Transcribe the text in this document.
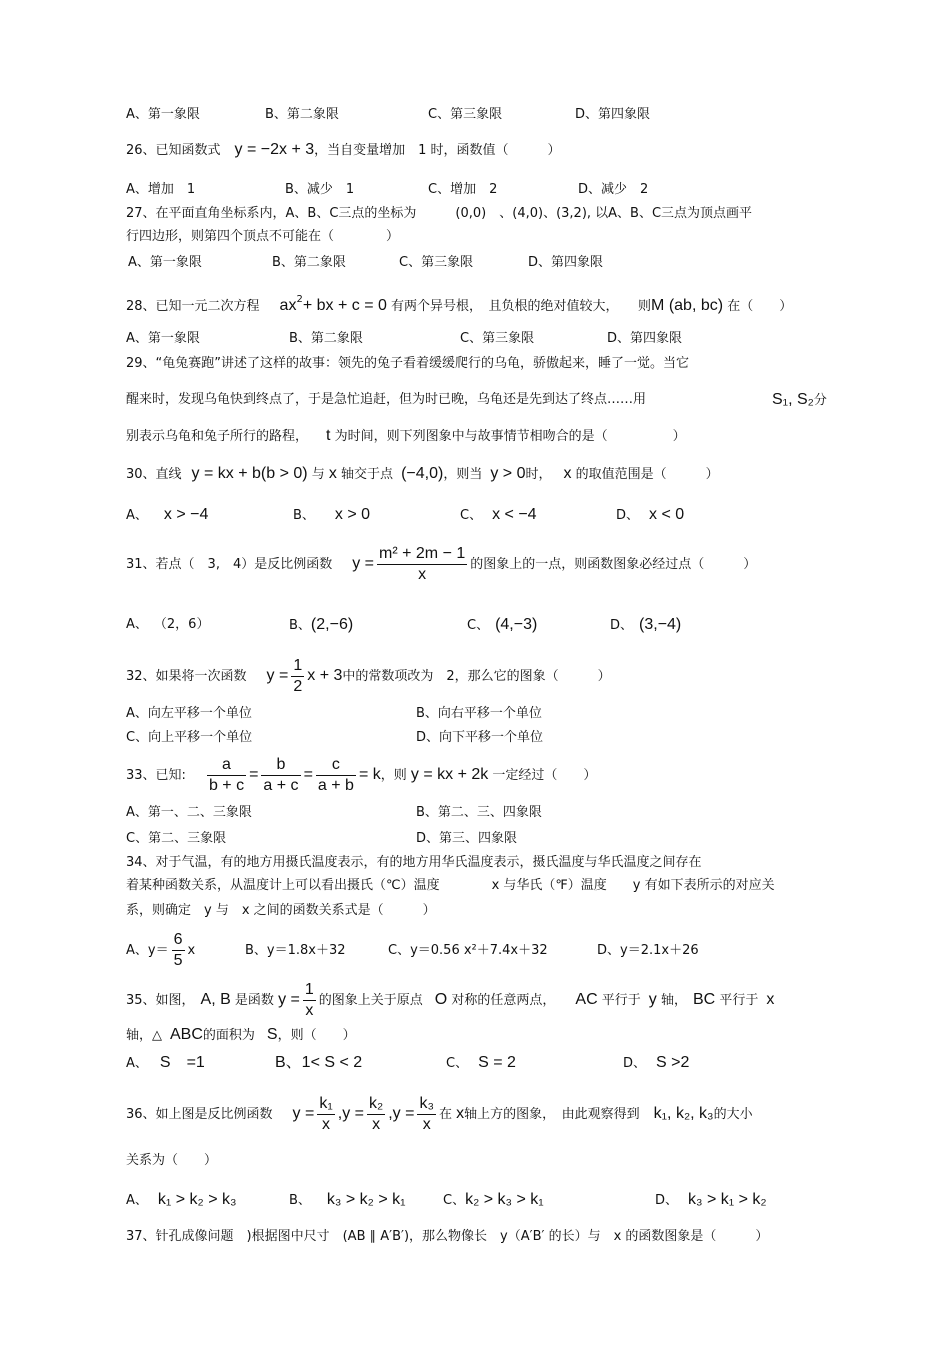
A、第一象限	B、第二象限	C、第三象限	D、第四象限
26、已知函数式 y = −2x + 3，当自变量增加　1 时，函数值（　　　）
A、增加　1	B、减少　1	C、增加　2	D、减少　2
27、在平面直角坐标系内，A、B、C三点的坐标为　　　(0,0)　、(4,0)、(3,2), 以A、B、C三点为顶点画平
行四边形，则第四个顶点不可能在（　　　　）
A、第一象限	B、第二象限	C、第三象限	D、第四象限
28、已知一元二次方程 $ax^2+$ bx + c = 0 有两个异号根，　且负根的绝对值较大，　　则M (ab, bc) 在（　　）
A、第一象限	B、第二象限	C、第三象限	D、第四象限
29、“龟兔赛跑”讲述了这样的故事：领先的兔子看着缓缓爬行的乌龟，骄傲起来，睡了一觉。当它
醒来时，发现乌龟快到终点了，于是急忙追赶，但为时已晚，乌龟还是先到达了终点……用	S₁, S₂分
别表示乌龟和兔子所行的路程， t 为时间，则下列图象中与故事情节相吻合的是（　　　　　）
30、直线 y = kx + b(b > 0) 与 x 轴交于点 (−4,0)，则当 y > 0时， x 的取值范围是（　　　）
A、 x > −4	B、 x > 0	C、 x < −4	D、 x < 0
31、若点（　3,　4）是反比例函数 $y = \frac{\text{m² + 2m − 1}}{x}$ 的图象上的一点，则函数图象必经过点（　　　）
A、 （2，6）	B、(2,−6)	C、 (4,−3)	D、 (3,−4)
32、如果将一次函数 $y = \frac{1}{2}$ x + 3中的常数项改为　2，那么它的图象（　　　）
A、向左平移一个单位	B、向右平移一个单位
C、向上平移一个单位	D、向下平移一个单位
33、已知: $\frac{a}{b + c} = \frac{b}{a + c} = \frac{c}{a + b} = k$，则 y = kx + 2k 一定经过（　　）
A、第一、二、三象限	B、第二、三、四象限
C、第二、三象限	D、第三、四象限
34、对于气温，有的地方用摄氏温度表示，有的地方用华氏温度表示，摄氏温度与华氏温度之间存在
着某种函数关系，从温度计上可以看出摄氏（℃）温度　　　　x 与华氏（℉）温度　　y 有如下表所示的对应关
系，则确定　y 与　x 之间的函数关系式是（　　　）
A、$y= \frac{6}{5}$ x	B、y＝1.8x＋32	C、y＝0.56 x²＋7.4x＋32	D、y＝2.1x＋26
35、如图， A, B 是函数 $y = \frac{1}{x}$ 的图象上关于原点 O 对称的任意两点， AC 平行于 y 轴， BC 平行于 x
轴，△ ABC的面积为 S，则（　　）
A、 S　=1	B、1< S < 2	C、 S = 2	D、 S >2
36、如上图是反比例函数 $y = \frac{\text{k₁}}{x} ,y = \frac{\text{k₂}}{x} ,y = \frac{\text{k₃}}{x}$ 在 x轴上方的图象，　由此观察得到 k₁, k₂, k₃的大小
关系为（　　）
A、 k₁ > k₂ > k₃	B、 k₃ > k₂ > k₁	C、k₂ > k₃ > k₁	D、 k₃ > k₁ > k₂
37、针孔成像问题　)根据图中尺寸　(AB ∥ A′B′)，那么物像长　y（A′B′ 的长）与　x 的函数图象是（　　　）
